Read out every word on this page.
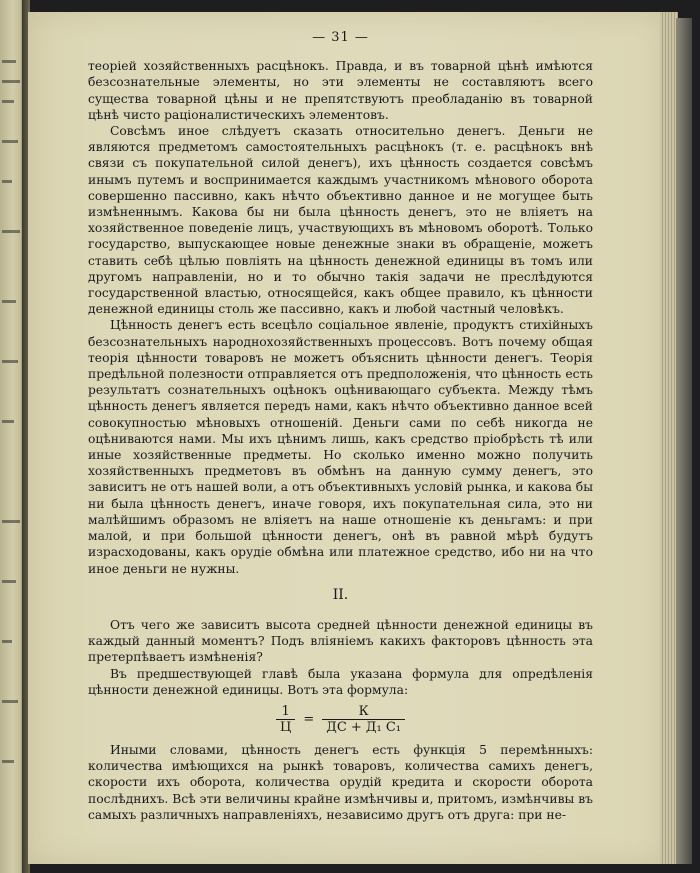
— 31 —

теоріей хозяйственныхъ расцѣнокъ. Правда, и въ товарной цѣнѣ имѣются безсознательные элементы, но эти элементы не составляютъ всего существа товарной цѣны и не препятствуютъ преобладанію въ товарной цѣнѣ чисто раціоналистическихъ элементовъ.

Совсѣмъ иное слѣдуетъ сказать относительно денегъ. Деньги не являются предметомъ самостоятельныхъ расцѣнокъ (т. е. расцѣнокъ внѣ связи съ покупательной силой денегъ), ихъ цѣнность создается совсѣмъ инымъ путемъ и воспринимается каждымъ участникомъ мѣнового оборота совершенно пассивно, какъ нѣчто объективно данное и не могущее быть измѣненнымъ. Какова бы ни была цѣнность денегъ, это не вліяетъ на хозяйственное поведеніе лицъ, участвующихъ въ мѣновомъ оборотѣ. Только государство, выпускающее новые денежные знаки въ обращеніе, можетъ ставить себѣ цѣлью повліять на цѣнность денежной единицы въ томъ или другомъ направленіи, но и то обычно такія задачи не преслѣдуются государственной властью, относящейся, какъ общее правило, къ цѣнности денежной единицы столь же пассивно, какъ и любой частный человѣкъ.

Цѣнность денегъ есть всецѣло соціальное явленіе, продуктъ стихійныхъ безсознательныхъ народнохозяйственныхъ процессовъ. Вотъ почему общая теорія цѣнности товаровъ не можетъ объяснить цѣнности денегъ. Теорія предѣльной полезности отправляется отъ предположенія, что цѣнность есть результатъ сознательныхъ оцѣнокъ оцѣнивающаго субъекта. Между тѣмъ цѣнность денегъ является передъ нами, какъ нѣчто объективно данное всей совокупностью мѣновыхъ отношеній. Деньги сами по себѣ никогда не оцѣниваются нами. Мы ихъ цѣнимъ лишь, какъ средство пріобрѣсть тѣ или иные хозяйственные предметы. Но сколько именно можно получить хозяйственныхъ предметовъ въ обмѣнъ на данную сумму денегъ, это зависитъ не отъ нашей воли, а отъ объективныхъ условій рынка, и какова бы ни была цѣнность денегъ, иначе говоря, ихъ покупательная сила, это ни малѣйшимъ образомъ не вліяетъ на наше отношеніе къ деньгамъ: и при малой, и при большой цѣнности денегъ, онѣ въ равной мѣрѣ будутъ израсходованы, какъ орудіе обмѣна или платежное средство, ибо ни на что иное деньги не нужны.

II.

Отъ чего же зависитъ высота средней цѣнности денежной единицы въ каждый данный моментъ? Подъ вліяніемъ какихъ факторовъ цѣнность эта претерпѣваетъ измѣненія?

Въ предшествующей главѣ была указана формула для опредѣленія цѣнности денежной единицы. Вотъ эта формула:

$\frac{1}{Ц} = \frac{К}{\text{ДС + Д₁ С₁}}$

Иными словами, цѣнность денегъ есть функція 5 перемѣнныхъ: количества имѣющихся на рынкѣ товаровъ, количества самихъ денегъ, скорости ихъ оборота, количества орудій кредита и скорости оборота послѣднихъ. Всѣ эти величины крайне измѣнчивы и, притомъ, измѣнчивы въ самыхъ различныхъ направленіяхъ, независимо другъ отъ друга: при не-
